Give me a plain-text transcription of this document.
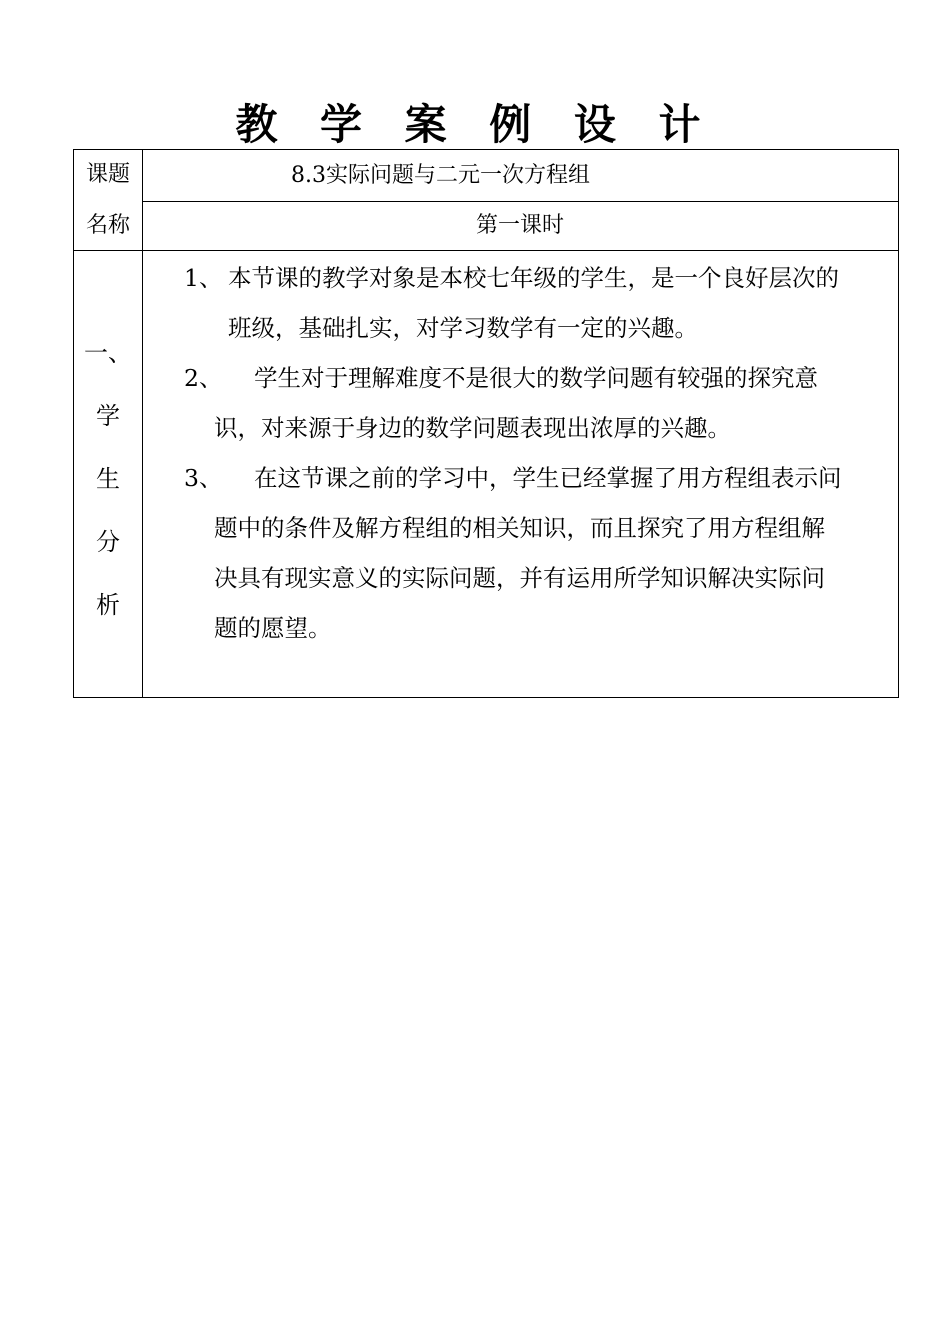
教 学 案 例 设 计
课题
名称
8.3实际问题与二元一次方程组
第一课时
一、
学
生
分
析
1、 本节课的教学对象是本校七年级的学生，是一个良好层次的
班级，基础扎实，对学习数学有一定的兴趣。
2、	学生对于理解难度不是很大的数学问题有较强的探究意
识，对来源于身边的数学问题表现出浓厚的兴趣。
3、	在这节课之前的学习中，学生已经掌握了用方程组表示问
题中的条件及解方程组的相关知识，而且探究了用方程组解
决具有现实意义的实际问题，并有运用所学知识解决实际问
题的愿望。
